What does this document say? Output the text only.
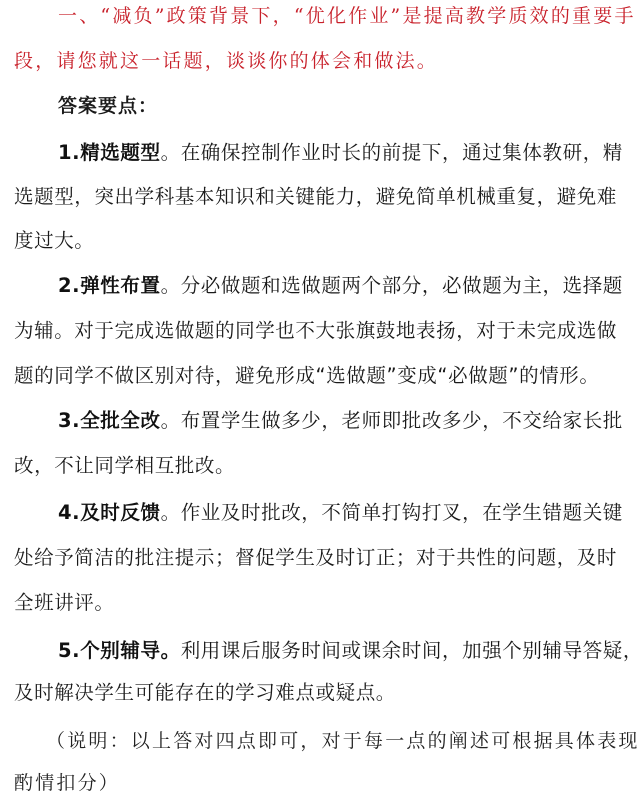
一、“减负”政策背景下，“优化作业”是提高教学质效的重要手
段，请您就这一话题，谈谈你的体会和做法。
答案要点：
1.精选题型。在确保控制作业时长的前提下，通过集体教研，精
选题型，突出学科基本知识和关键能力，避免简单机械重复，避免难
度过大。
2.弹性布置。分必做题和选做题两个部分，必做题为主，选择题
为辅。对于完成选做题的同学也不大张旗鼓地表扬，对于未完成选做
题的同学不做区别对待，避免形成“选做题”变成“必做题”的情形。
3.全批全改。布置学生做多少，老师即批改多少，不交给家长批
改，不让同学相互批改。
4.及时反馈。作业及时批改，不简单打钩打叉，在学生错题关键
处给予简洁的批注提示；督促学生及时订正；对于共性的问题，及时
全班讲评。
5.个别辅导。利用课后服务时间或课余时间，加强个别辅导答疑，
及时解决学生可能存在的学习难点或疑点。
（说明：以上答对四点即可，对于每一点的阐述可根据具体表现
酌情扣分）
